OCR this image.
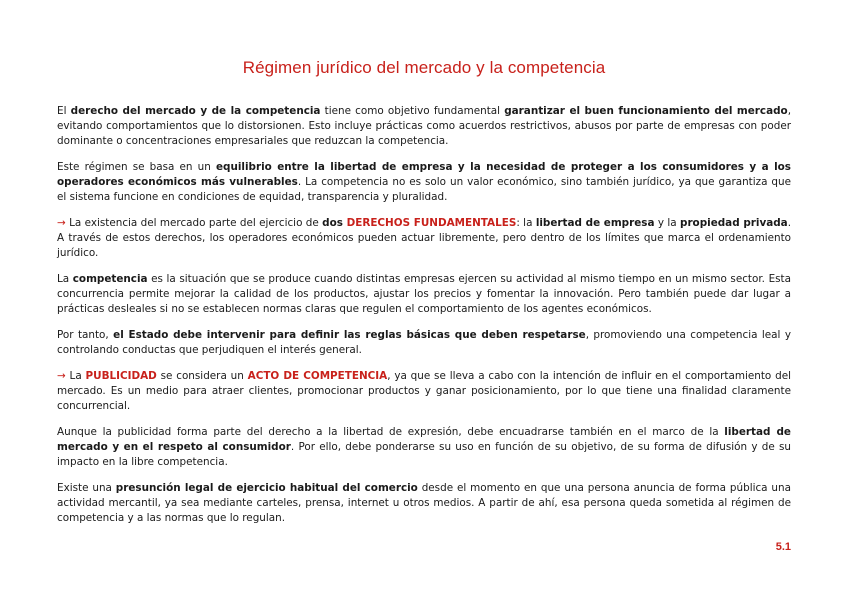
Régimen jurídico del mercado y la competencia

El derecho del mercado y de la competencia tiene como objetivo fundamental garantizar el buen funcionamiento del mercado, evitando comportamientos que lo distorsionen. Esto incluye prácticas como acuerdos restrictivos, abusos por parte de empresas con poder dominante o concentraciones empresariales que reduzcan la competencia.

Este régimen se basa en un equilibrio entre la libertad de empresa y la necesidad de proteger a los consumidores y a los operadores económicos más vulnerables. La competencia no es solo un valor económico, sino también jurídico, ya que garantiza que el sistema funcione en condiciones de equidad, transparencia y pluralidad.

→ La existencia del mercado parte del ejercicio de dos DERECHOS FUNDAMENTALES: la libertad de empresa y la propiedad privada. A través de estos derechos, los operadores económicos pueden actuar libremente, pero dentro de los límites que marca el ordenamiento jurídico.

La competencia es la situación que se produce cuando distintas empresas ejercen su actividad al mismo tiempo en un mismo sector. Esta concurrencia permite mejorar la calidad de los productos, ajustar los precios y fomentar la innovación. Pero también puede dar lugar a prácticas desleales si no se establecen normas claras que regulen el comportamiento de los agentes económicos.

Por tanto, el Estado debe intervenir para definir las reglas básicas que deben respetarse, promoviendo una competencia leal y controlando conductas que perjudiquen el interés general.

→ La PUBLICIDAD se considera un ACTO DE COMPETENCIA, ya que se lleva a cabo con la intención de influir en el comportamiento del mercado. Es un medio para atraer clientes, promocionar productos y ganar posicionamiento, por lo que tiene una finalidad claramente concurrencial.

Aunque la publicidad forma parte del derecho a la libertad de expresión, debe encuadrarse también en el marco de la libertad de mercado y en el respeto al consumidor. Por ello, debe ponderarse su uso en función de su objetivo, de su forma de difusión y de su impacto en la libre competencia.

Existe una presunción legal de ejercicio habitual del comercio desde el momento en que una persona anuncia de forma pública una actividad mercantil, ya sea mediante carteles, prensa, internet u otros medios. A partir de ahí, esa persona queda sometida al régimen de competencia y a las normas que lo regulan.

5.1
